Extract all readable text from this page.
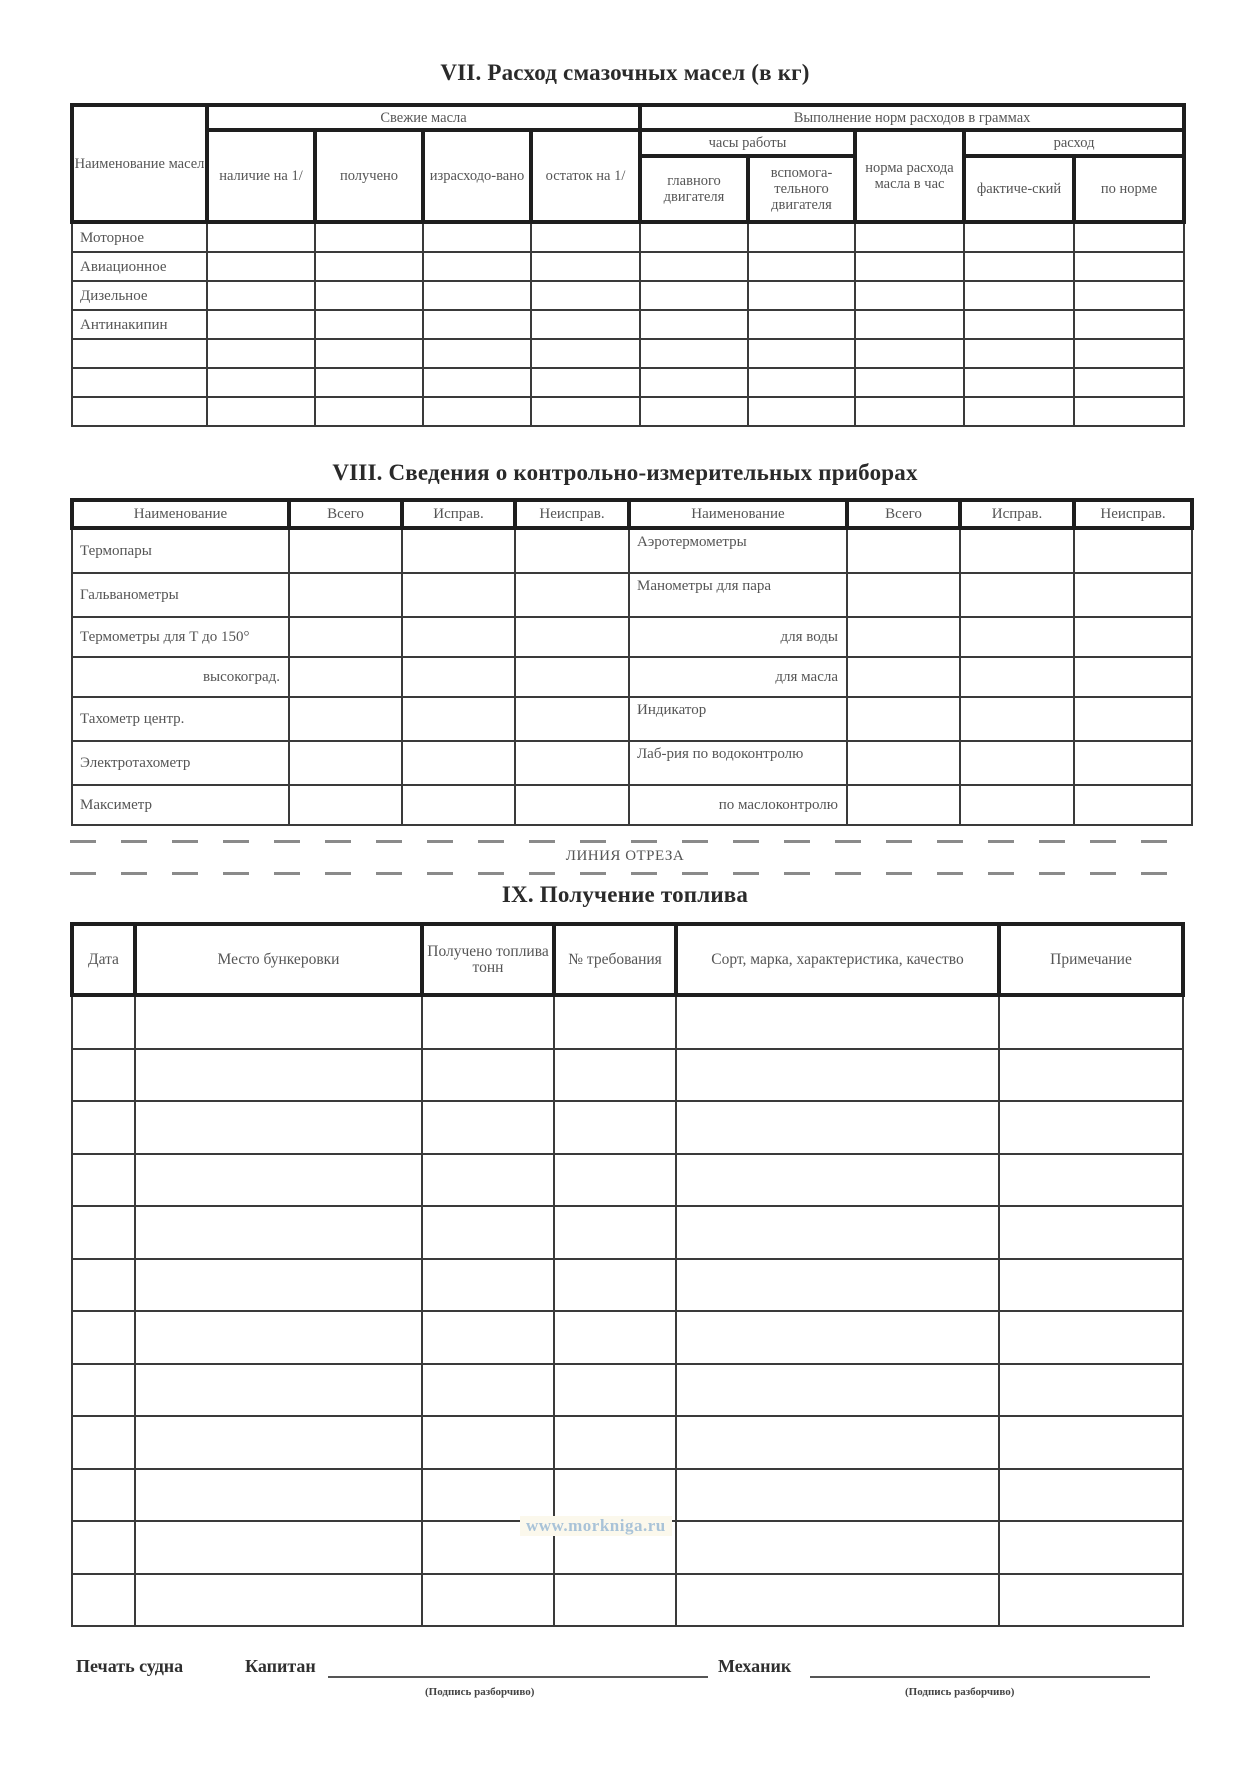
VII. Расход смазочных масел (в кг)
Наименование масел	Свежие масла				Выполнение норм расходов в граммах				
	наличие на 1/	получено	израсходо-вано	остаток на 1/	часы работы		норма расхода масла в час	расход	
					главного двигателя	вспомога-тельного двигателя		фактиче-ский	по норме
Моторное									
Авиационное									
Дизельное									
Антинакипин									

VIII. Сведения о контрольно-измерительных приборах
Наименование	Всего	Исправ.	Неиспрaв.	Наименование	Всего	Исправ.	Неиспрaв.
Термопары				Аэротермометры			
Гальванометры				Манометры для пара			
Термометры для Т до 150°				для воды			
высокоград.				для масла			
Тахометр центр.				Индикатор			
Электротахометр				Лаб-рия по водоконтролю			
Максиметр				по маслоконтролю			
ЛИНИЯ ОТРЕЗА
IX. Получение топлива
Дата	Место бункеровки	Получено топлива тонн	№ требования	Сорт, марка, характеристика, качество	Примечание

www.morkniga.ru
Печать судна	Капитан
(Подпись разборчиво)
Механик
(Подпись разборчиво)
